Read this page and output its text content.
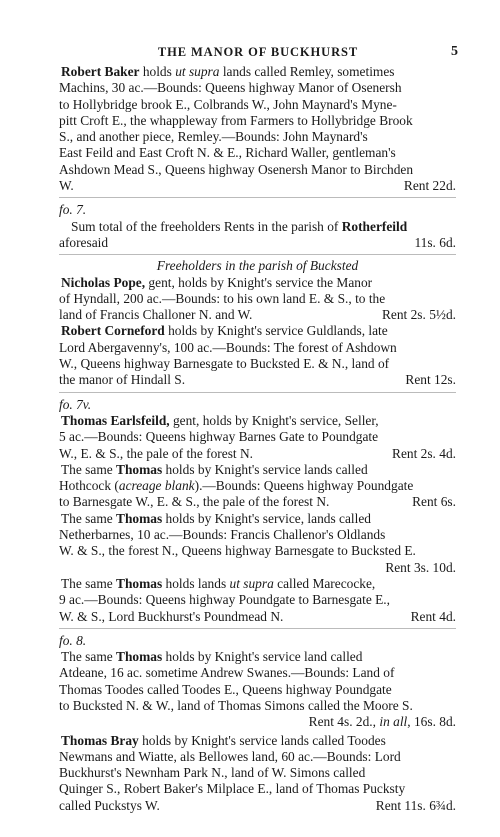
THE MANOR OF BUCKHURST	5
Robert Baker holds ut supra lands called Remley, sometimes
Machins, 30 ac.—Bounds: Queens highway Manor of Osenersh
to Hollybridge brook E., Colbrands W., John Maynard's Myne-
pitt Croft E., the whappleway from Farmers to Hollybridge Brook
S., and another piece, Remley.—Bounds: John Maynard's
East Feild and East Croft N. & E., Richard Waller, gentleman's
Ashdown Mead S., Queens highway Osenersh Manor to Birchden
W.	Rent 22d.
fo. 7.
Sum total of the freeholders Rents in the parish of Rotherfeild
aforesaid	11s. 6d.
Freeholders in the parish of Bucksted
Nicholas Pope, gent, holds by Knight's service the Manor
of Hyndall, 200 ac.—Bounds: to his own land E. & S., to the
land of Francis Challoner N. and W.	Rent 2s. 5½d.
Robert Corneford holds by Knight's service Guldlands, late
Lord Abergavenny's, 100 ac.—Bounds: The forest of Ashdown
W., Queens highway Barnesgate to Bucksted E. & N., land of
the manor of Hindall S.	Rent 12s.
fo. 7v.
Thomas Earlsfeild, gent, holds by Knight's service, Seller,
5 ac.—Bounds: Queens highway Barnes Gate to Poundgate
W., E. & S., the pale of the forest N.	Rent 2s. 4d.
The same Thomas holds by Knight's service lands called
Hothcock (acreage blank).—Bounds: Queens highway Poundgate
to Barnesgate W., E. & S., the pale of the forest N.	Rent 6s.
The same Thomas holds by Knight's service, lands called
Netherbarnes, 10 ac.—Bounds: Francis Challenor's Oldlands
W. & S., the forest N., Queens highway Barnesgate to Bucksted E.
Rent 3s. 10d.
The same Thomas holds lands ut supra called Marecocke,
9 ac.—Bounds: Queens highway Poundgate to Barnesgate E.,
W. & S., Lord Buckhurst's Poundmead N.	Rent 4d.
fo. 8.
The same Thomas holds by Knight's service land called
Atdeane, 16 ac. sometime Andrew Swanes.—Bounds: Land of
Thomas Toodes called Toodes E., Queens highway Poundgate
to Bucksted N. & W., land of Thomas Simons called the Moore S.
Rent 4s. 2d., in all, 16s. 8d.
Thomas Bray holds by Knight's service lands called Toodes
Newmans and Wiatte, als Bellowes land, 60 ac.—Bounds: Lord
Buckhurst's Newnham Park N., land of W. Simons called
Quinger S., Robert Baker's Milplace E., land of Thomas Pucksty
called Puckstys W.	Rent 11s. 6¾d.
